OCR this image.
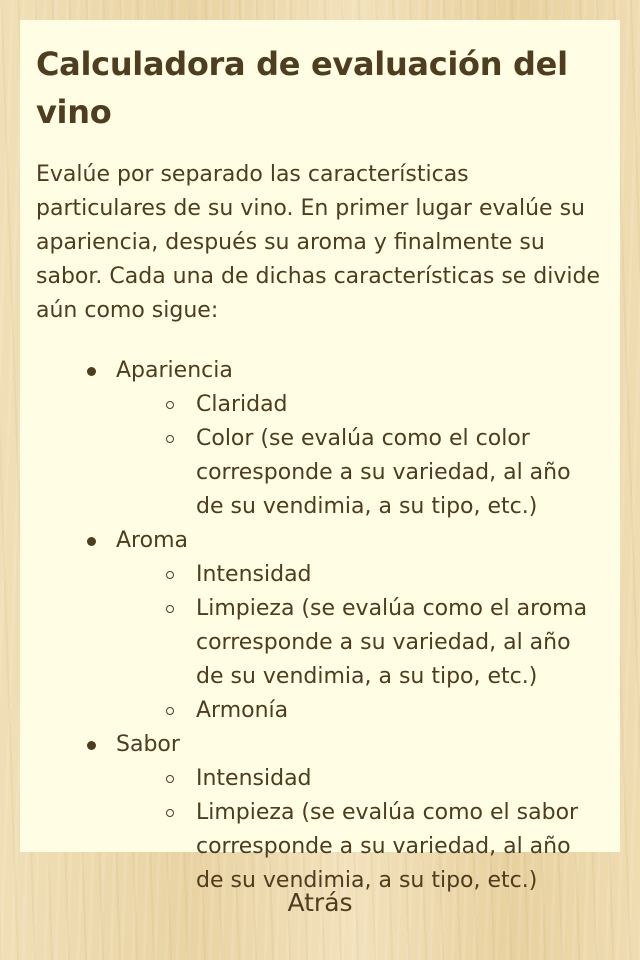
Calculadora de evaluación del vino

Evalúe por separado las características particulares de su vino. En primer lugar evalúe su apariencia, después su aroma y finalmente su sabor. Cada una de dichas características se divide aún como sigue:

Apariencia
Claridad
Color (se evalúa como el color corresponde a su variedad, al año de su vendimia, a su tipo, etc.)
Aroma
Intensidad
Limpieza (se evalúa como el aroma corresponde a su variedad, al año de su vendimia, a su tipo, etc.)
Armonía
Sabor
Intensidad
Limpieza (se evalúa como el sabor corresponde a su variedad, al año de su vendimia, a su tipo, etc.)
Atrás
